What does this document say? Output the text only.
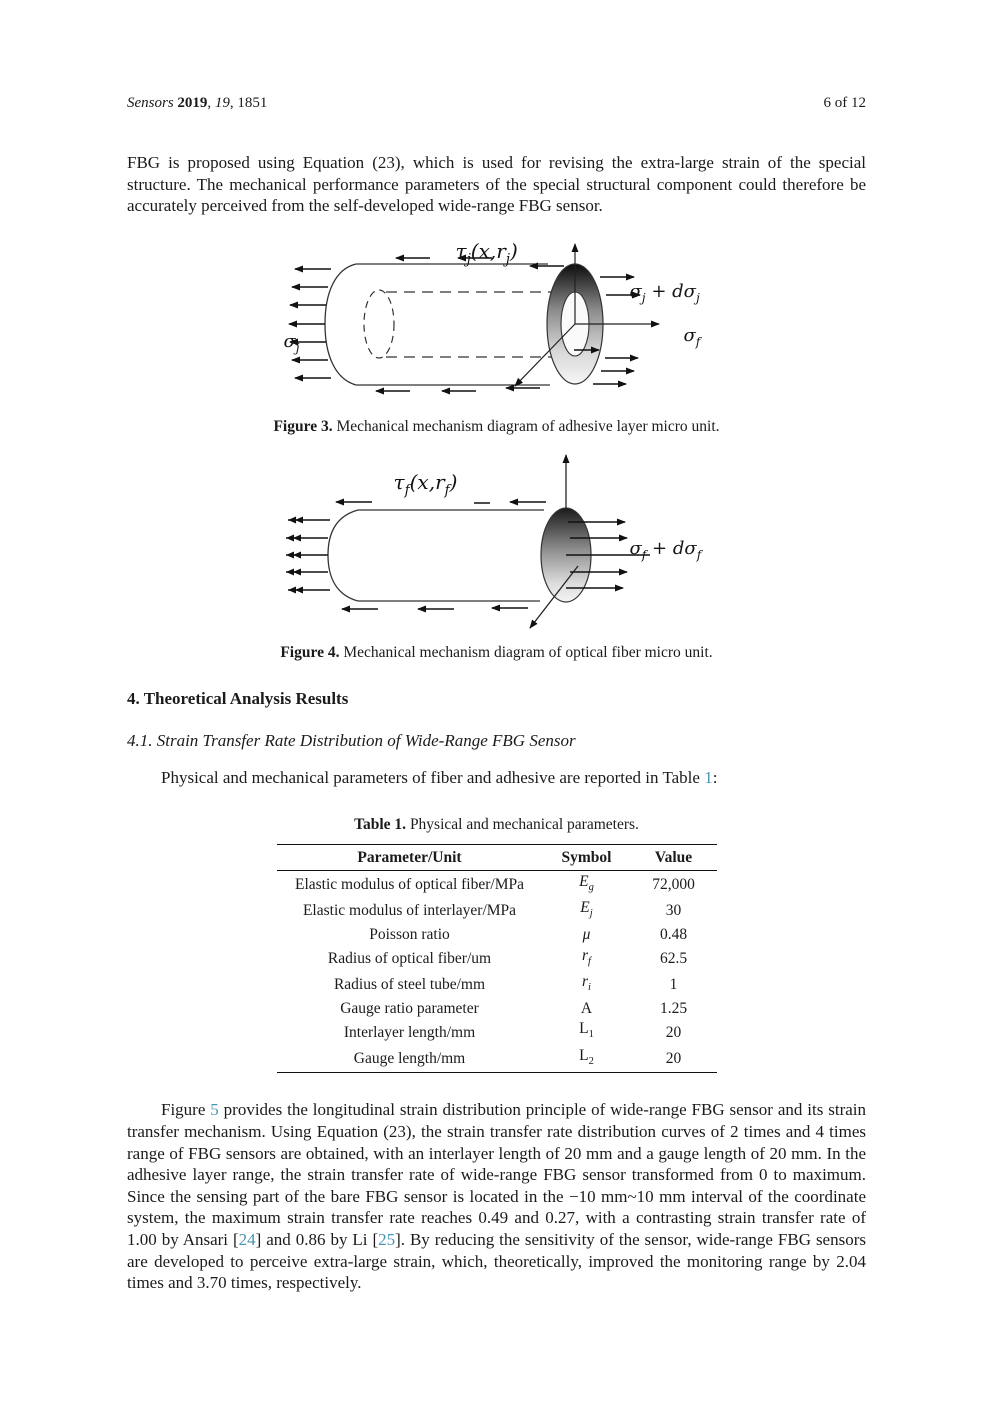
Sensors 2019, 19, 1851	6 of 12

FBG is proposed using Equation (23), which is used for revising the extra-large strain of the special structure. The mechanical performance parameters of the special structural component could therefore be accurately perceived from the self-developed wide-range FBG sensor.

$\sigma_j$
$\tau_j(x,r_j)$
$\sigma_j + d\sigma_j$
$\sigma_f$

Figure 3. Mechanical mechanism diagram of adhesive layer micro unit.

$\tau_f(x,r_f)$
$\sigma_f + d\sigma_f$

Figure 4. Mechanical mechanism diagram of optical fiber micro unit.

4. Theoretical Analysis Results
4.1. Strain Transfer Rate Distribution of Wide-Range FBG Sensor

Physical and mechanical parameters of fiber and adhesive are reported in Table 1:

Table 1. Physical and mechanical parameters.

Parameter/Unit	Symbol	Value
Elastic modulus of optical fiber/MPa	$E_g$	72,000
Elastic modulus of interlayer/MPa	$E_j$	30
Poisson ratio	μ	0.48
Radius of optical fiber/um	$r_f$	62.5
Radius of steel tube/mm	$r_i$	1
Gauge ratio parameter	A	1.25
Interlayer length/mm	$L_1$	20
Gauge length/mm	$L_2$	20

Figure 5 provides the longitudinal strain distribution principle of wide-range FBG sensor and its strain transfer mechanism. Using Equation (23), the strain transfer rate distribution curves of 2 times and 4 times range of FBG sensors are obtained, with an interlayer length of 20 mm and a gauge length of 20 mm. In the adhesive layer range, the strain transfer rate of wide-range FBG sensor transformed from 0 to maximum. Since the sensing part of the bare FBG sensor is located in the −10 mm~10 mm interval of the coordinate system, the maximum strain transfer rate reaches 0.49 and 0.27, with a contrasting strain transfer rate of 1.00 by Ansari [24] and 0.86 by Li [25]. By reducing the sensitivity of the sensor, wide-range FBG sensors are developed to perceive extra-large strain, which, theoretically, improved the monitoring range by 2.04 times and 3.70 times, respectively.
